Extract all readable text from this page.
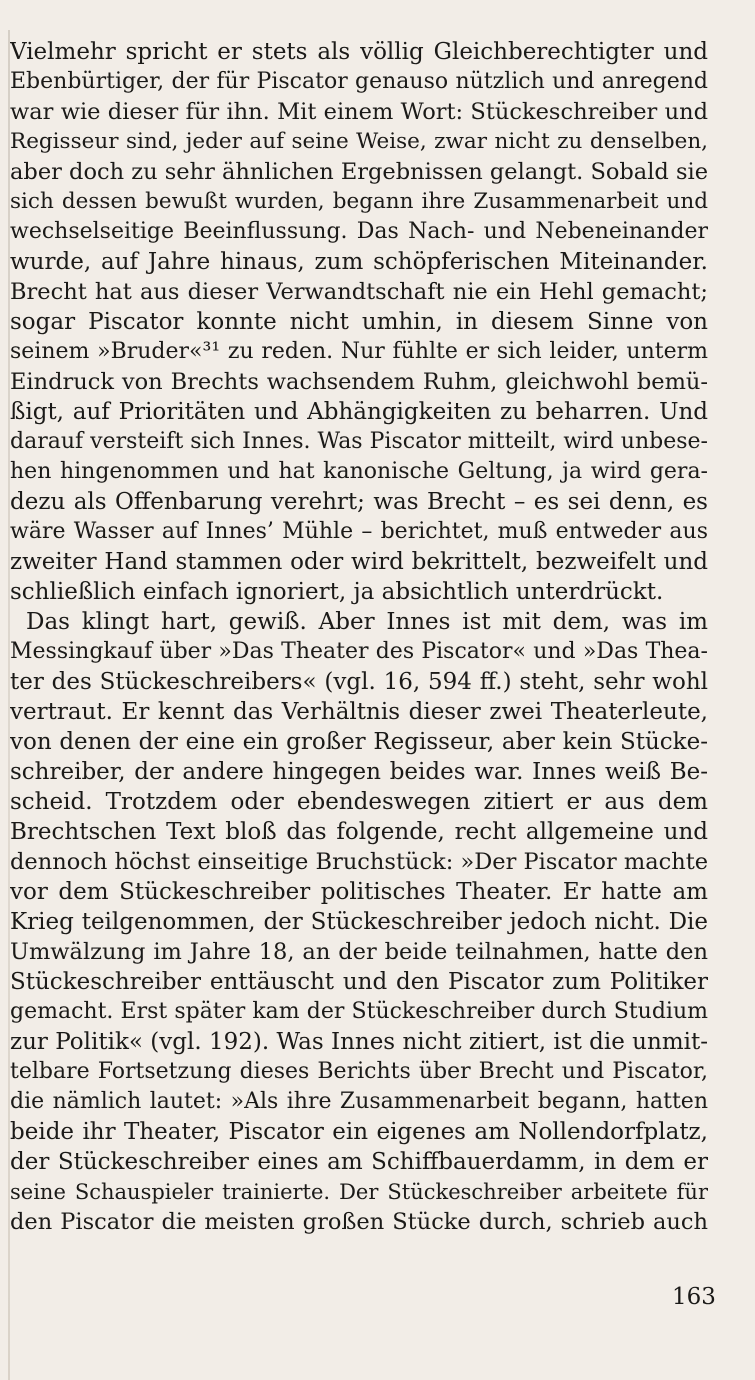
Vielmehr spricht er stets als völlig Gleichberechtigter und
Ebenbürtiger, der für Piscator genauso nützlich und anregend
war wie dieser für ihn. Mit einem Wort: Stückeschreiber und
Regisseur sind, jeder auf seine Weise, zwar nicht zu denselben,
aber doch zu sehr ähnlichen Ergebnissen gelangt. Sobald sie
sich dessen bewußt wurden, begann ihre Zusammenarbeit und
wechselseitige Beeinflussung. Das Nach- und Nebeneinander
wurde, auf Jahre hinaus, zum schöpferischen Miteinander.
Brecht hat aus dieser Verwandtschaft nie ein Hehl gemacht;
sogar Piscator konnte nicht umhin, in diesem Sinne von
seinem »Bruder«³¹ zu reden. Nur fühlte er sich leider, unterm
Eindruck von Brechts wachsendem Ruhm, gleichwohl bemü-
ßigt, auf Prioritäten und Abhängigkeiten zu beharren. Und
darauf versteift sich Innes. Was Piscator mitteilt, wird unbese-
hen hingenommen und hat kanonische Geltung, ja wird gera-
dezu als Offenbarung verehrt; was Brecht – es sei denn, es
wäre Wasser auf Innes’ Mühle – berichtet, muß entweder aus
zweiter Hand stammen oder wird bekrittelt, bezweifelt und
schließlich einfach ignoriert, ja absichtlich unterdrückt.
Das klingt hart, gewiß. Aber Innes ist mit dem, was im
Messingkauf über »Das Theater des Piscator« und »Das Thea-
ter des Stückeschreibers« (vgl. 16, 594 ff.) steht, sehr wohl
vertraut. Er kennt das Verhältnis dieser zwei Theaterleute,
von denen der eine ein großer Regisseur, aber kein Stücke-
schreiber, der andere hingegen beides war. Innes weiß Be-
scheid. Trotzdem oder ebendeswegen zitiert er aus dem
Brechtschen Text bloß das folgende, recht allgemeine und
dennoch höchst einseitige Bruchstück: »Der Piscator machte
vor dem Stückeschreiber politisches Theater. Er hatte am
Krieg teilgenommen, der Stückeschreiber jedoch nicht. Die
Umwälzung im Jahre 18, an der beide teilnahmen, hatte den
Stückeschreiber enttäuscht und den Piscator zum Politiker
gemacht. Erst später kam der Stückeschreiber durch Studium
zur Politik« (vgl. 192). Was Innes nicht zitiert, ist die unmit-
telbare Fortsetzung dieses Berichts über Brecht und Piscator,
die nämlich lautet: »Als ihre Zusammenarbeit begann, hatten
beide ihr Theater, Piscator ein eigenes am Nollendorfplatz,
der Stückeschreiber eines am Schiffbauerdamm, in dem er
seine Schauspieler trainierte. Der Stückeschreiber arbeitete für
den Piscator die meisten großen Stücke durch, schrieb auch
163
